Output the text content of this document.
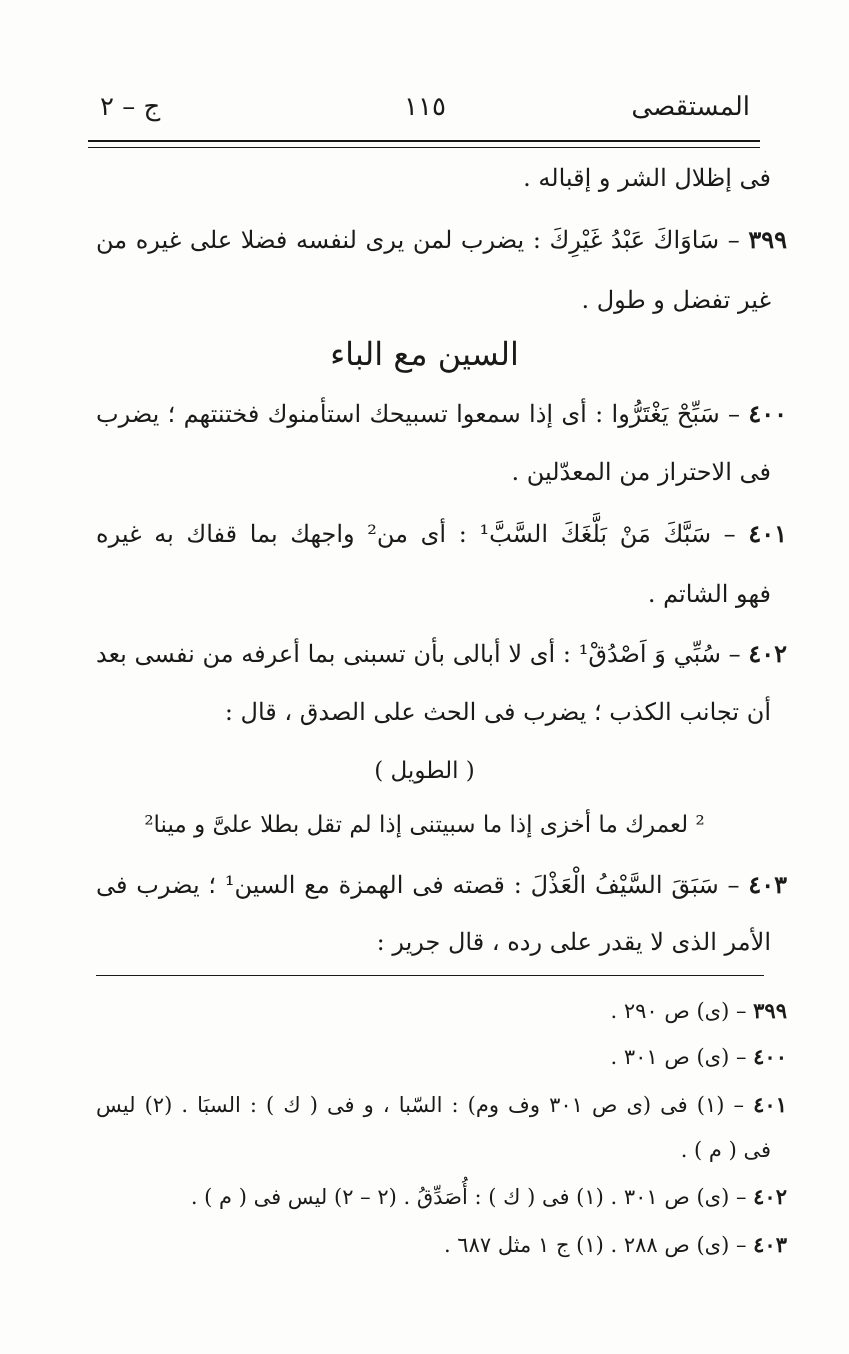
المستقصى
١١٥
ج – ٢
فى إظلال الشر و إقباله .
٣٩٩ – سَاوَاكَ عَبْدُ غَيْرِكَ : يضرب لمن يرى لنفسه فضلا على غيره من
غير تفضل و طول .
السين مع الباء
٤٠٠ – سَبِّحْ يَغْتَرُّوا : أى إذا سمعوا تسبيحك استأمنوك فختنتهم ؛ يضرب
فى الاحتراز من المعدّلين .
٤٠١ – سَبَّكَ مَنْ بَلَّغَكَ السَّبَّ¹ : أى من² واجهك بما قفاك به غيره
فهو الشاتم .
٤٠٢ – سُبِّي وَ اَصْدُقْ¹ : أى لا أبالى بأن تسبنى بما أعرفه من نفسى بعد
أن تجانب الكذب ؛ يضرب فى الحث على الصدق ، قال :
( الطويل )
² لعمرك ما أخزى إذا ما سبيتنى إذا لم تقل بطلا علىَّ و مينا²
٤٠٣ – سَبَقَ السَّيْفُ الْعَذْلَ : قصته فى الهمزة مع السين¹ ؛ يضرب فى
الأمر الذى لا يقدر على رده ، قال جرير :
٣٩٩ – (ى) ص ٢٩٠ .
٤٠٠ – (ى) ص ٣٠١ .
٤٠١ – (١) فى (ى ص ٣٠١ وف وم) : السّبا ، و فى ( ك ) : السبَا . (٢) ليس
فى ( م ) .
٤٠٢ – (ى) ص ٣٠١ . (١) فى ( ك ) : أُصَدِّقُ . (٢ – ٢) ليس فى ( م ) .
٤٠٣ – (ى) ص ٢٨٨ . (١) ج ١ مثل ٦٨٧ .
